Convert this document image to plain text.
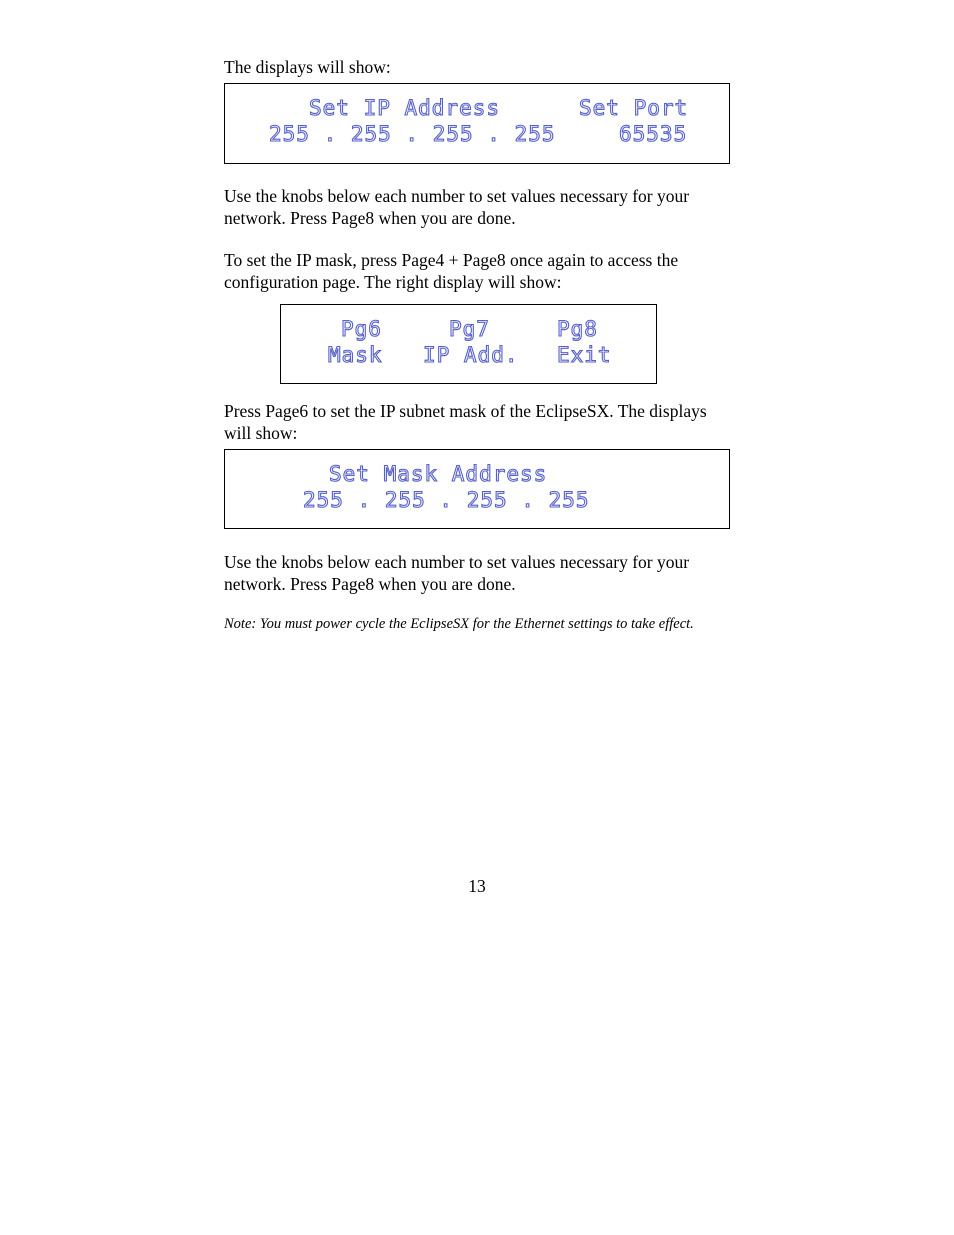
The displays will show:

Set IP Address
255 . 255 . 255 . 255
Set Port
65535

Use the knobs below each number to set values necessary for your network. Press Page8 when you are done.

To set the IP mask, press Page4 + Page8 once again to access the configuration page. The right display will show:

Pg6
Mask
Pg7
IP Add.
Pg8
Exit

Press Page6 to set the IP subnet mask of the EclipseSX. The displays will show:

Set Mask Address
255 . 255 . 255 . 255

Use the knobs below each number to set values necessary for your network. Press Page8 when you are done.

Note: You must power cycle the EclipseSX for the Ethernet settings to take effect.

13
